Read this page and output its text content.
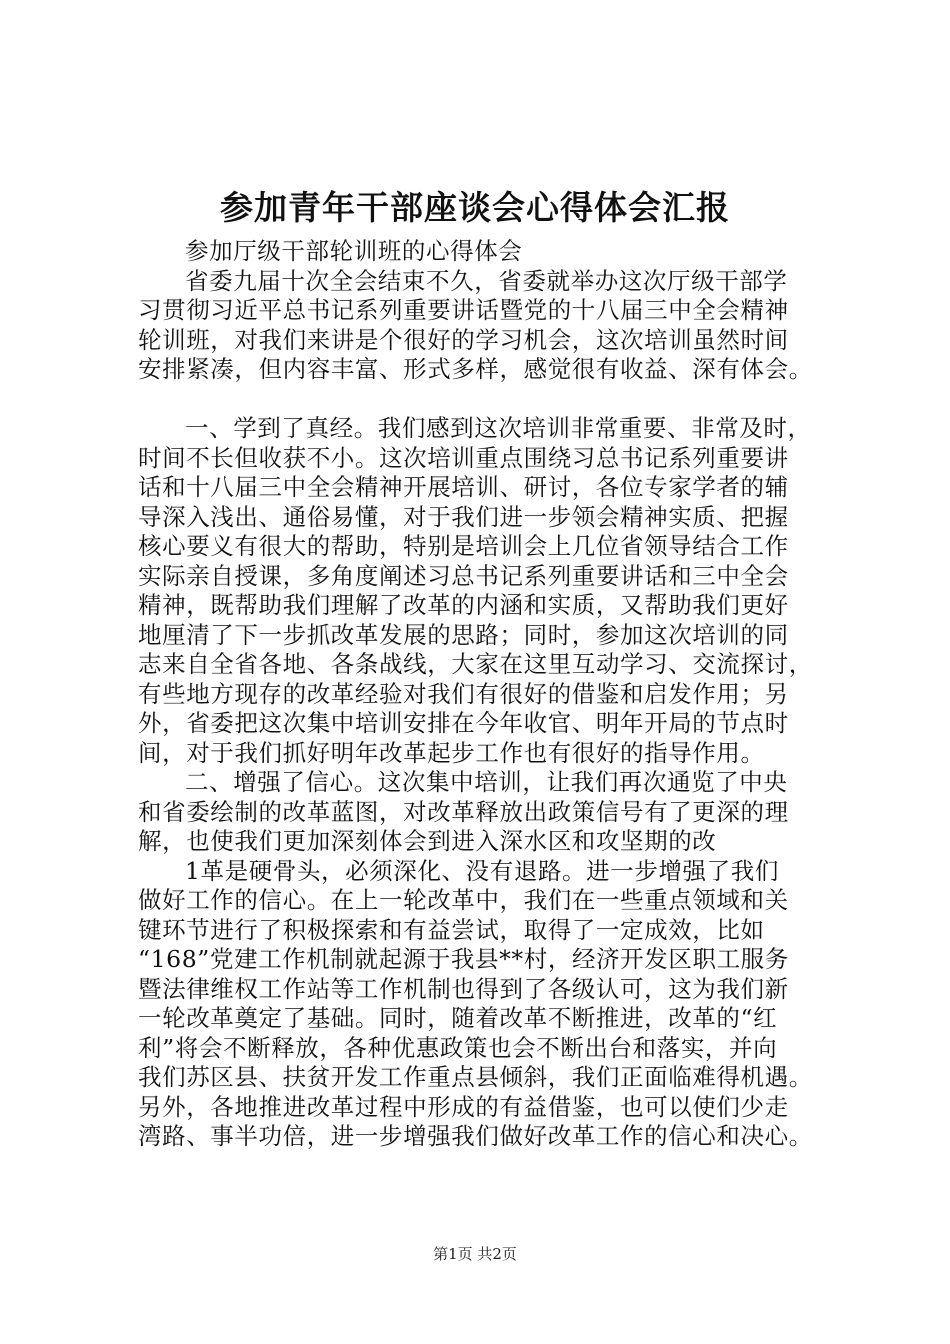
参加青年干部座谈会心得体会汇报
参加厅级干部轮训班的心得体会
省委九届十次全会结束不久，省委就举办这次厅级干部学
习贯彻习近平总书记系列重要讲话暨党的十八届三中全会精神
轮训班，对我们来讲是个很好的学习机会，这次培训虽然时间
安排紧凑，但内容丰富、形式多样，感觉很有收益、深有体会。
一、学到了真经。我们感到这次培训非常重要、非常及时，
时间不长但收获不小。这次培训重点围绕习总书记系列重要讲
话和十八届三中全会精神开展培训、研讨，各位专家学者的辅
导深入浅出、通俗易懂，对于我们进一步领会精神实质、把握
核心要义有很大的帮助，特别是培训会上几位省领导结合工作
实际亲自授课，多角度阐述习总书记系列重要讲话和三中全会
精神，既帮助我们理解了改革的内涵和实质，又帮助我们更好
地厘清了下一步抓改革发展的思路；同时，参加这次培训的同
志来自全省各地、各条战线，大家在这里互动学习、交流探讨，
有些地方现存的改革经验对我们有很好的借鉴和启发作用；另
外，省委把这次集中培训安排在今年收官、明年开局的节点时
间，对于我们抓好明年改革起步工作也有很好的指导作用。
二、增强了信心。这次集中培训，让我们再次通览了中央
和省委绘制的改革蓝图，对改革释放出政策信号有了更深的理
解，也使我们更加深刻体会到进入深水区和攻坚期的改
1革是硬骨头，必须深化、没有退路。进一步增强了我们
做好工作的信心。在上一轮改革中，我们在一些重点领域和关
键环节进行了积极探索和有益尝试，取得了一定成效，比如
“168”党建工作机制就起源于我县**村，经济开发区职工服务
暨法律维权工作站等工作机制也得到了各级认可，这为我们新
一轮改革奠定了基础。同时，随着改革不断推进，改革的“红
利”将会不断释放，各种优惠政策也会不断出台和落实，并向
我们苏区县、扶贫开发工作重点县倾斜，我们正面临难得机遇。
另外，各地推进改革过程中形成的有益借鉴，也可以使们少走
湾路、事半功倍，进一步增强我们做好改革工作的信心和决心。
第1页 共2页
